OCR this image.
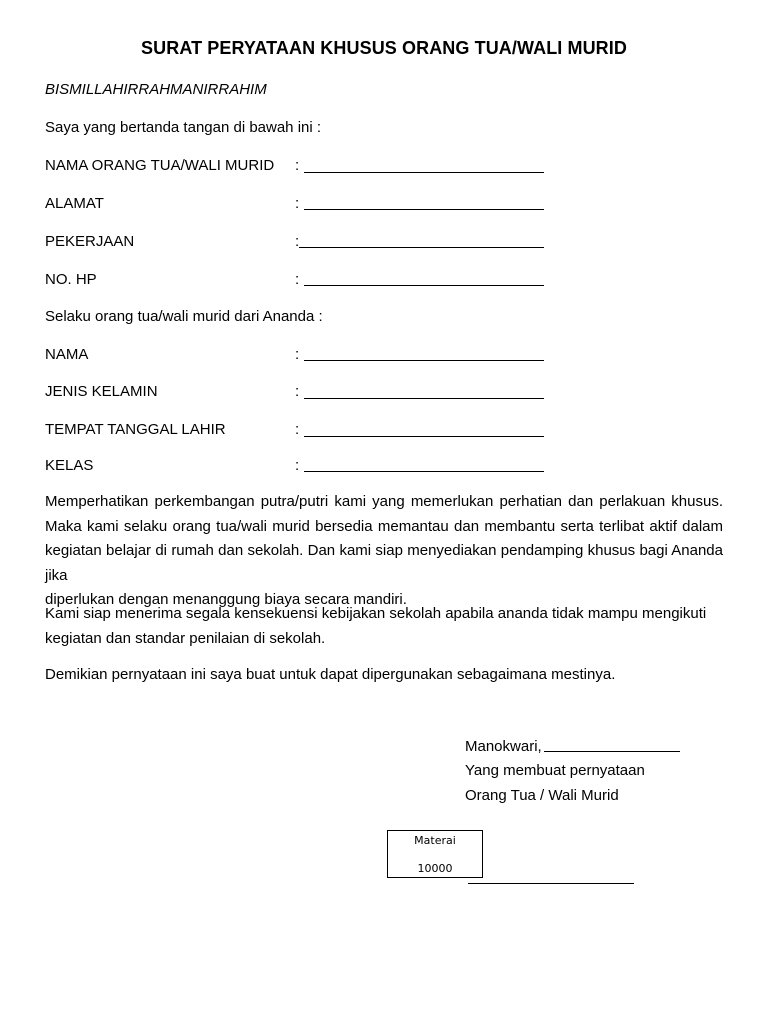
SURAT PERYATAAN KHUSUS ORANG TUA/WALI MURID
BISMILLAHIRRAHMANIRRAHIM
Saya yang bertanda tangan di bawah ini :
NAMA ORANG TUA/WALI MURID :
ALAMAT	:
PEKERJAAN	:
NO. HP	:
Selaku orang tua/wali murid dari Ananda :
NAMA	:
JENIS KELAMIN	:
TEMPAT TANGGAL LAHIR	:
KELAS	:
Memperhatikan perkembangan putra/putri kami yang memerlukan perhatian dan perlakuan khusus. Maka kami selaku orang tua/wali murid bersedia memantau dan membantu serta terlibat aktif dalam kegiatan belajar di rumah dan sekolah. Dan kami siap menyediakan pendamping khusus bagi Ananda jika
diperlukan dengan menanggung biaya secara mandiri.
Kami siap menerima segala kensekuensi kebijakan sekolah apabila ananda tidak mampu mengikuti
kegiatan dan standar penilaian di sekolah.
Demikian pernyataan ini saya buat untuk dapat dipergunakan sebagaimana mestinya.
Manokwari,
Yang membuat pernyataan
Orang Tua / Wali Murid
Materai
10000
